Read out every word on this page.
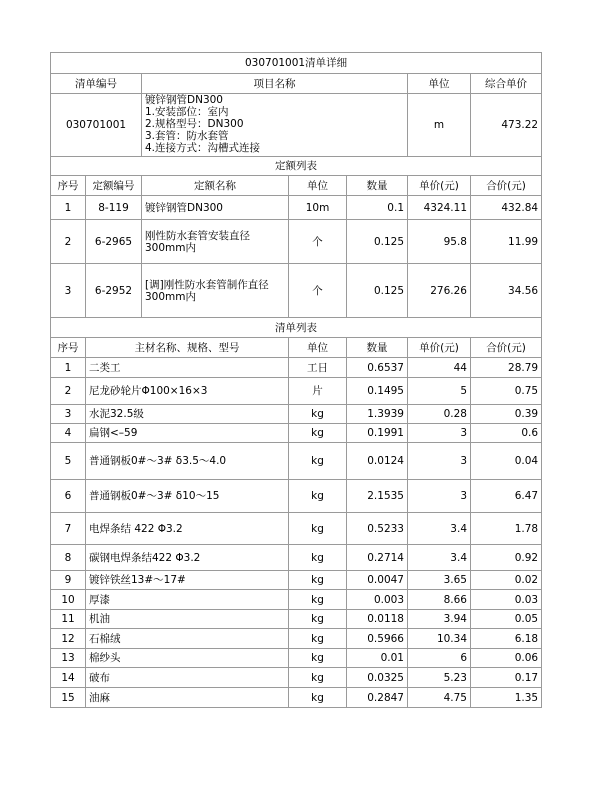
030701001清单详细						
清单编号		项目名称			单位	综合单价
030701001		镀锌钢管DN300
1.安装部位：室内
2.规格型号：DN300
3.套管：防水套管
4.连接方式：沟槽式连接			m	473.22
定额列表						
序号	定额编号	定额名称	单位	数量	单价(元)	合价(元)
1	8-119	镀锌钢管DN300	10m	0.1	4324.11	432.84
2	6-2965	刚性防水套管安装直径300mm内	个	0.125	95.8	11.99
3	6-2952	[调]刚性防水套管制作直径300mm内	个	0.125	276.26	34.56
清单列表						
序号	主材名称、规格、型号		单位	数量	单价(元)	合价(元)
1	二类工		工日	0.6537	44	28.79
2	尼龙砂轮片Φ100×16×3		片	0.1495	5	0.75
3	水泥32.5级		kg	1.3939	0.28	0.39
4	扁钢<–59		kg	0.1991	3	0.6
5	普通钢板0#～3# δ3.5～4.0		kg	0.0124	3	0.04
6	普通钢板0#～3# δ10～15		kg	2.1535	3	6.47
7	电焊条结 422 Φ3.2		kg	0.5233	3.4	1.78
8	碳钢电焊条结422 Φ3.2		kg	0.2714	3.4	0.92
9	镀锌铁丝13#～17#		kg	0.0047	3.65	0.02
10	厚漆		kg	0.003	8.66	0.03
11	机油		kg	0.0118	3.94	0.05
12	石棉绒		kg	0.5966	10.34	6.18
13	棉纱头		kg	0.01	6	0.06
14	破布		kg	0.0325	5.23	0.17
15	油麻		kg	0.2847	4.75	1.35
